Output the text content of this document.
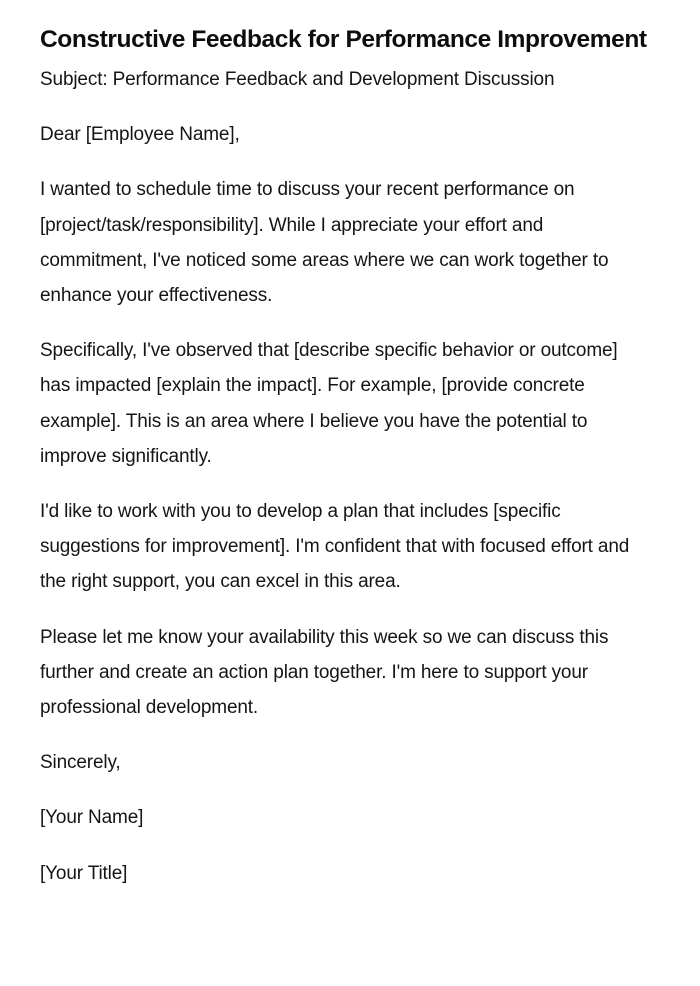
Constructive Feedback for Performance Improvement

Subject: Performance Feedback and Development Discussion

Dear [Employee Name],

I wanted to schedule time to discuss your recent performance on [project/task/responsibility]. While I appreciate your effort and commitment, I've noticed some areas where we can work together to enhance your effectiveness.

Specifically, I've observed that [describe specific behavior or outcome] has impacted [explain the impact]. For example, [provide concrete example]. This is an area where I believe you have the potential to improve significantly.

I'd like to work with you to develop a plan that includes [specific suggestions for improvement]. I'm confident that with focused effort and the right support, you can excel in this area.

Please let me know your availability this week so we can discuss this further and create an action plan together. I'm here to support your professional development.

Sincerely,

[Your Name]

[Your Title]
